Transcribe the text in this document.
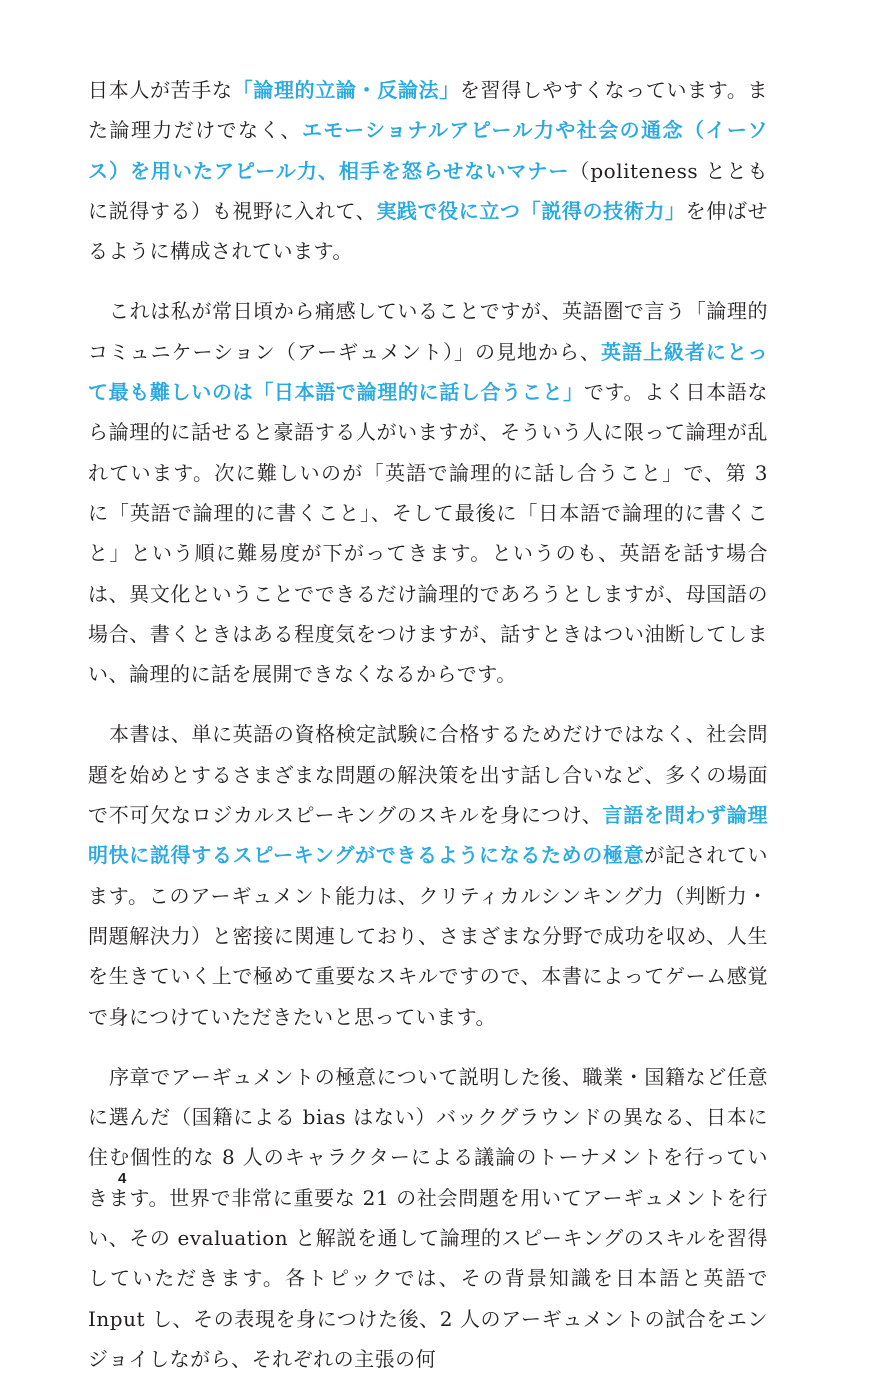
日本人が苦手な「論理的立論・反論法」を習得しやすくなっています。また論理力だけでなく、エモーショナルアピール力や社会の通念（イーソス）を用いたアピール力、相手を怒らせないマナー（politeness とともに説得する）も視野に入れて、実践で役に立つ「説得の技術力」を伸ばせるように構成されています。

これは私が常日頃から痛感していることですが、英語圏で言う「論理的コミュニケーション（アーギュメント）」の見地から、英語上級者にとって最も難しいのは「日本語で論理的に話し合うこと」です。よく日本語なら論理的に話せると豪語する人がいますが、そういう人に限って論理が乱れています。次に難しいのが「英語で論理的に話し合うこと」で、第 3 に「英語で論理的に書くこと」、そして最後に「日本語で論理的に書くこと」という順に難易度が下がってきます。というのも、英語を話す場合は、異文化ということでできるだけ論理的であろうとしますが、母国語の場合、書くときはある程度気をつけますが、話すときはつい油断してしまい、論理的に話を展開できなくなるからです。

本書は、単に英語の資格検定試験に合格するためだけではなく、社会問題を始めとするさまざまな問題の解決策を出す話し合いなど、多くの場面で不可欠なロジカルスピーキングのスキルを身につけ、言語を問わず論理明快に説得するスピーキングができるようになるための極意が記されています。このアーギュメント能力は、クリティカルシンキング力（判断力・問題解決力）と密接に関連しており、さまざまな分野で成功を収め、人生を生きていく上で極めて重要なスキルですので、本書によってゲーム感覚で身につけていただきたいと思っています。

序章でアーギュメントの極意について説明した後、職業・国籍など任意に選んだ（国籍による bias はない）バックグラウンドの異なる、日本に住む個性的な 8 人のキャラクターによる議論のトーナメントを行っていきます。世界で非常に重要な 21 の社会問題を用いてアーギュメントを行い、その evaluation と解説を通して論理的スピーキングのスキルを習得していただきます。各トピックでは、その背景知識を日本語と英語で Input し、その表現を身につけた後、2 人のアーギュメントの試合をエンジョイしながら、それぞれの主張の何

4
